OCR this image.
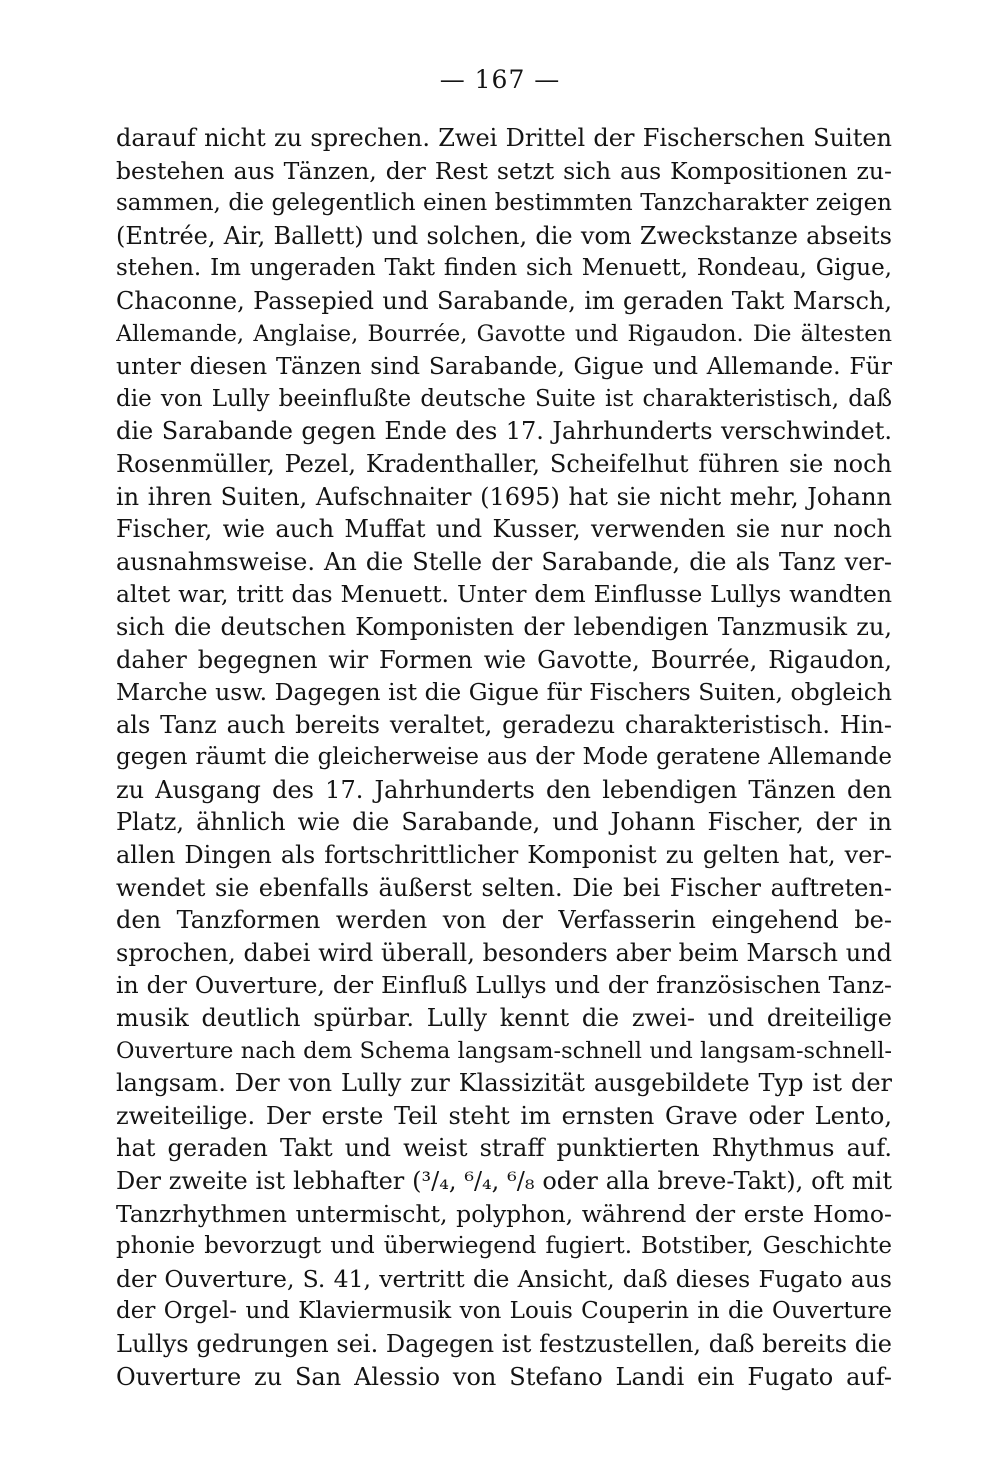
— 167 —
darauf nicht zu sprechen. Zwei Drittel der Fischerschen Suiten
bestehen aus Tänzen, der Rest setzt sich aus Kompositionen zu-
sammen, die gelegentlich einen bestimmten Tanzcharakter zeigen
(Entrée, Air, Ballett) und solchen, die vom Zweckstanze abseits
stehen. Im ungeraden Takt finden sich Menuett, Rondeau, Gigue,
Chaconne, Passepied und Sarabande, im geraden Takt Marsch,
Allemande, Anglaise, Bourrée, Gavotte und Rigaudon. Die ältesten
unter diesen Tänzen sind Sarabande, Gigue und Allemande. Für
die von Lully beeinflußte deutsche Suite ist charakteristisch, daß
die Sarabande gegen Ende des 17. Jahrhunderts verschwindet.
Rosenmüller, Pezel, Kradenthaller, Scheifelhut führen sie noch
in ihren Suiten, Aufschnaiter (1695) hat sie nicht mehr, Johann
Fischer, wie auch Muffat und Kusser, verwenden sie nur noch
ausnahmsweise. An die Stelle der Sarabande, die als Tanz ver-
altet war, tritt das Menuett. Unter dem Einflusse Lullys wandten
sich die deutschen Komponisten der lebendigen Tanzmusik zu,
daher begegnen wir Formen wie Gavotte, Bourrée, Rigaudon,
Marche usw. Dagegen ist die Gigue für Fischers Suiten, obgleich
als Tanz auch bereits veraltet, geradezu charakteristisch. Hin-
gegen räumt die gleicherweise aus der Mode geratene Allemande
zu Ausgang des 17. Jahrhunderts den lebendigen Tänzen den
Platz, ähnlich wie die Sarabande, und Johann Fischer, der in
allen Dingen als fortschrittlicher Komponist zu gelten hat, ver-
wendet sie ebenfalls äußerst selten. Die bei Fischer auftreten-
den Tanzformen werden von der Verfasserin eingehend be-
sprochen, dabei wird überall, besonders aber beim Marsch und
in der Ouverture, der Einfluß Lullys und der französischen Tanz-
musik deutlich spürbar. Lully kennt die zwei- und dreiteilige
Ouverture nach dem Schema langsam-schnell und langsam-schnell-
langsam. Der von Lully zur Klassizität ausgebildete Typ ist der
zweiteilige. Der erste Teil steht im ernsten Grave oder Lento,
hat geraden Takt und weist straff punktierten Rhythmus auf.
Der zweite ist lebhafter (³/₄, ⁶/₄, ⁶/₈ oder alla breve-Takt), oft mit
Tanzrhythmen untermischt, polyphon, während der erste Homo-
phonie bevorzugt und überwiegend fugiert. Botstiber, Geschichte
der Ouverture, S. 41, vertritt die Ansicht, daß dieses Fugato aus
der Orgel- und Klaviermusik von Louis Couperin in die Ouverture
Lullys gedrungen sei. Dagegen ist festzustellen, daß bereits die
Ouverture zu San Alessio von Stefano Landi ein Fugato auf-
